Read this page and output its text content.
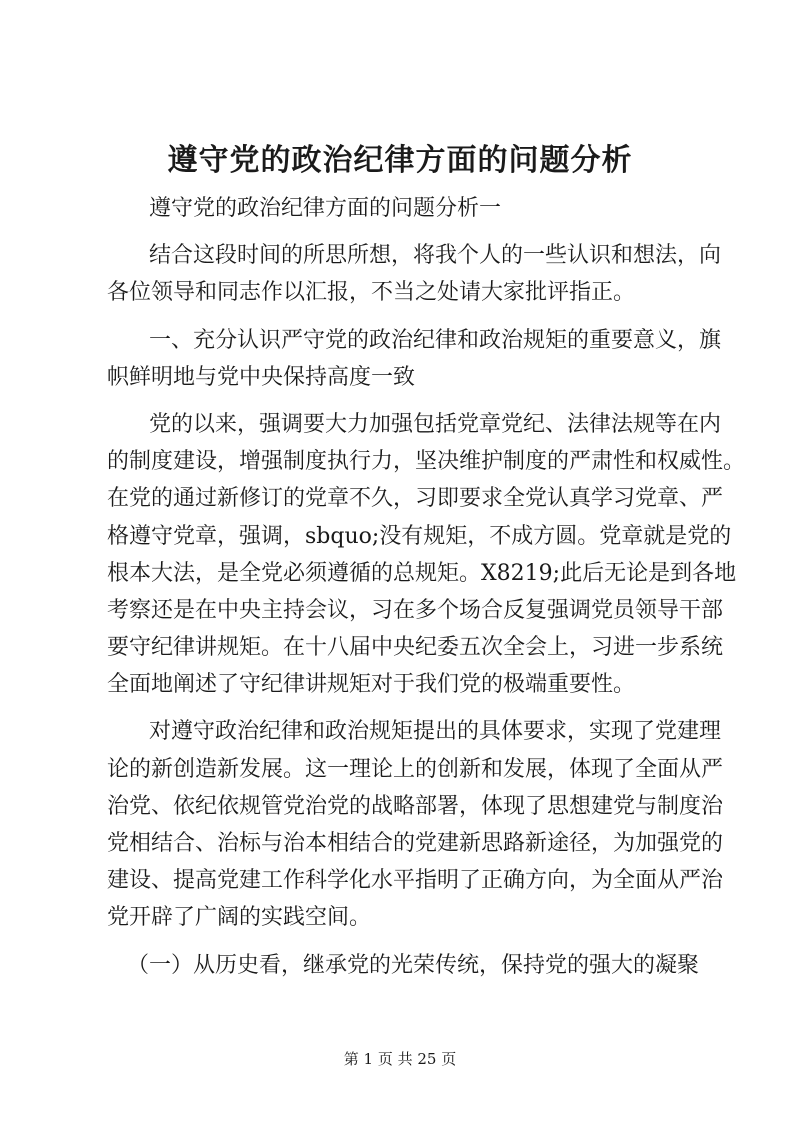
遵守党的政治纪律方面的问题分析
遵守党的政治纪律方面的问题分析一
结合这段时间的所思所想，将我个人的一些认识和想法，向
各位领导和同志作以汇报，不当之处请大家批评指正。
一、充分认识严守党的政治纪律和政治规矩的重要意义，旗
帜鲜明地与党中央保持高度一致
党的以来，强调要大力加强包括党章党纪、法律法规等在内
的制度建设，增强制度执行力，坚决维护制度的严肃性和权威性。
在党的通过新修订的党章不久，习即要求全党认真学习党章、严
格遵守党章，强调，sbquo;没有规矩，不成方圆。党章就是党的
根本大法，是全党必须遵循的总规矩。X8219;此后无论是到各地
考察还是在中央主持会议，习在多个场合反复强调党员领导干部
要守纪律讲规矩。在十八届中央纪委五次全会上，习进一步系统
全面地阐述了守纪律讲规矩对于我们党的极端重要性。
对遵守政治纪律和政治规矩提出的具体要求，实现了党建理
论的新创造新发展。这一理论上的创新和发展，体现了全面从严
治党、依纪依规管党治党的战略部署，体现了思想建党与制度治
党相结合、治标与治本相结合的党建新思路新途径，为加强党的
建设、提高党建工作科学化水平指明了正确方向，为全面从严治
党开辟了广阔的实践空间。
（一）从历史看，继承党的光荣传统，保持党的强大的凝聚
第 1 页 共 25 页
